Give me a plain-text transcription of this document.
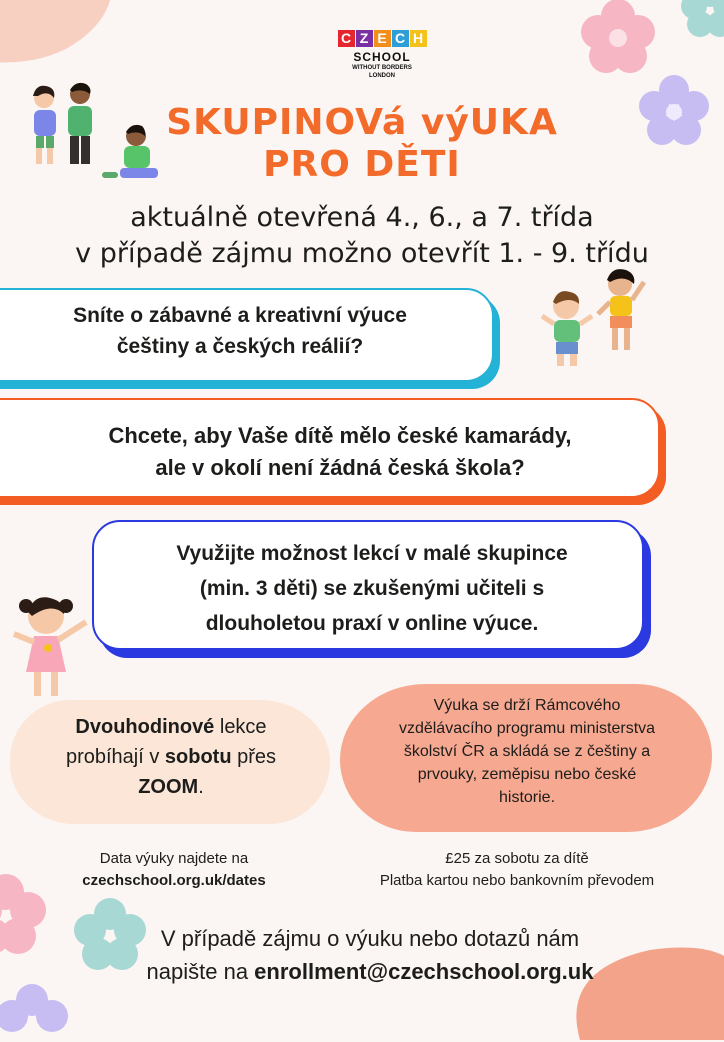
C Z E C H
SCHOOL
WITHOUT BORDERS
LONDON
SKUPINOVá výUKA
PRO DĚTI
aktuálně otevřená 4., 6., a 7. třída
v případě zájmu možno otevřít 1. - 9. třídu
Sníte o zábavné a kreativní výuce
češtiny a českých reálií?
Chcete, aby Vaše dítě mělo české kamarády,
ale v okolí není žádná česká škola?
Využijte možnost lekcí v malé skupince
(min. 3 děti) se zkušenými učiteli s
dlouholetou praxí v online výuce.
Dvouhodinové lekce
probíhají v sobotu přes
ZOOM.
Výuka se drží Rámcového
vzdělávacího programu ministerstva
školství ČR a skládá se z češtiny a
prvouky, zeměpisu nebo české
historie.
Data výuky najdete na
czechschool.org.uk/dates
£25 za sobotu za dítě
Platba kartou nebo bankovním převodem
V případě zájmu o výuku nebo dotazů nám
napište na enrollment@czechschool.org.uk
